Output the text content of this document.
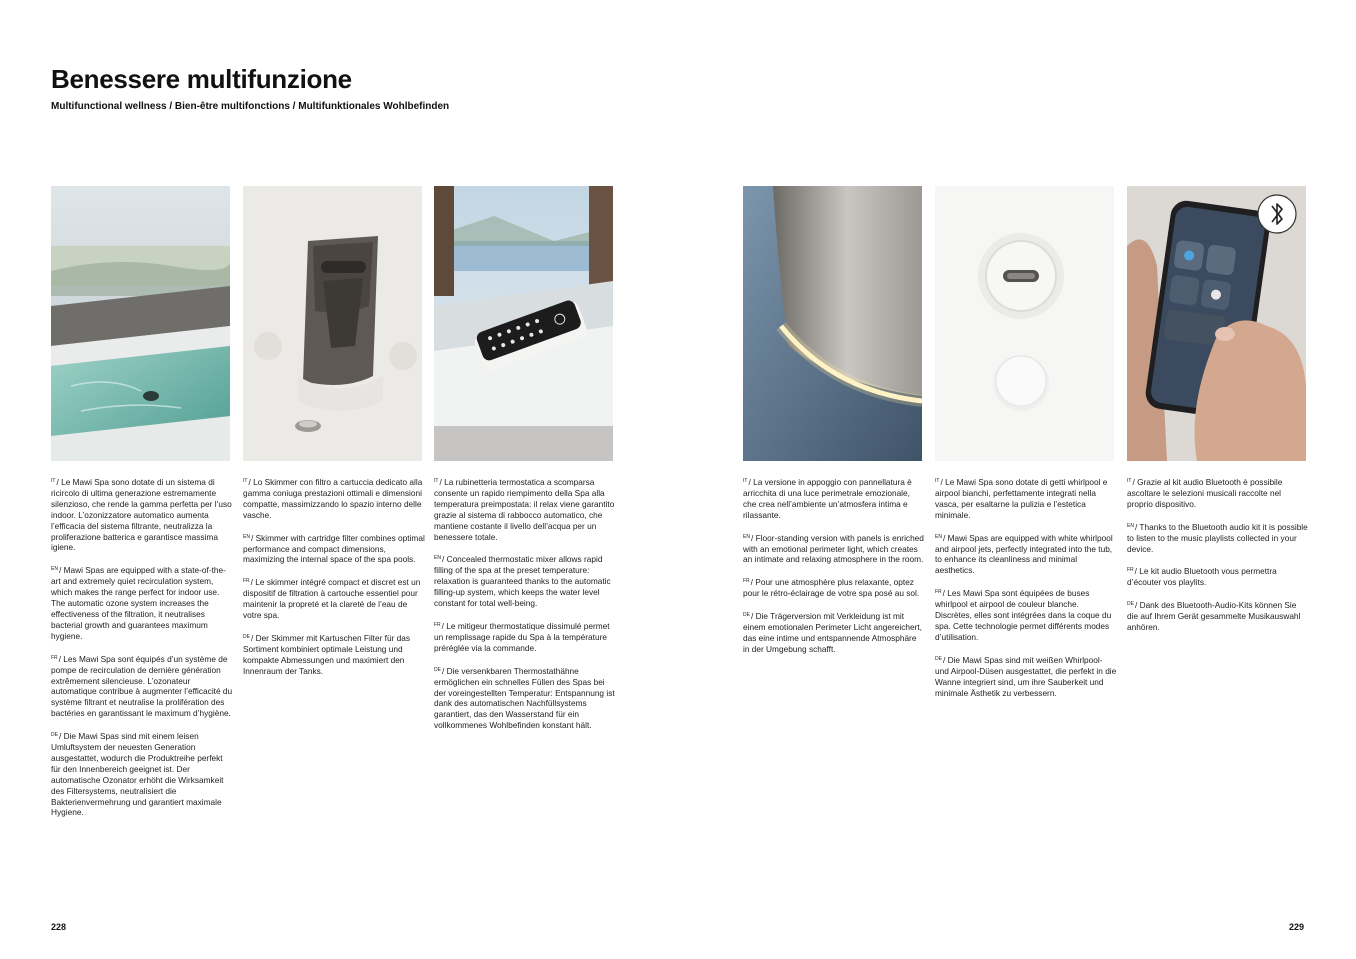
Benessere multifunzione
Multifunctional wellness / Bien-être multifonctions / Multifunktionales Wohlbefinden

$^{IT}$/ Le Mawi Spa sono dotate di un sistema di ricircolo di ultima generazione estremamente silenzioso, che rende la gamma perfetta per l’uso indoor. L’ozonizzatore automatico aumenta l’efficacia del sistema filtrante, neutralizza la proliferazione batterica e garantisce massima igiene.

$^{EN}$/ Mawi Spas are equipped with a state-of-the-art and extremely quiet recirculation system, which makes the range perfect for indoor use. The automatic ozone system increases the effectiveness of the filtration, it neutralises bacterial growth and guarantees maximum hygiene.

$^{FR}$/ Les Mawi Spa sont équipés d’un système de pompe de recirculation de dernière génération extrêmement silencieuse. L’ozonateur automatique contribue à augmenter l’efficacité du système filtrant et neutralise la prolifération des bactéries en garantissant le maximum d’hygiène.

$^{DE}$/ Die Mawi Spas sind mit einem leisen Umluftsystem der neuesten Generation ausgestattet, wodurch die Produktreihe perfekt für den Innenbereich geeignet ist. Der automatische Ozonator erhöht die Wirksamkeit des Filtersystems, neutralisiert die Bakterienvermehrung und garantiert maximale Hygiene.

$^{IT}$/ Lo Skimmer con filtro a cartuccia dedicato alla gamma coniuga prestazioni ottimali e dimensioni compatte, massimizzando lo spazio interno delle vasche.

$^{EN}$/ Skimmer with cartridge filter combines optimal performance and compact dimensions, maximizing the internal space of the spa pools.

$^{FR}$/ Le skimmer intégré compact et discret est un dispositif de filtration à cartouche essentiel pour maintenir la propreté et la clareté de l’eau de votre spa.

$^{DE}$/ Der Skimmer mit Kartuschen Filter für das Sortiment kombiniert optimale Leistung und kompakte Abmessungen und maximiert den Innenraum der Tanks.

$^{IT}$/ La rubinetteria termostatica a scomparsa consente un rapido riempimento della Spa alla temperatura preimpostata: il relax viene garantito grazie al sistema di rabbocco automatico, che mantiene costante il livello dell’acqua per un benessere totale.

$^{EN}$/ Concealed thermostatic mixer allows rapid filling of the spa at the preset temperature: relaxation is guaranteed thanks to the automatic filling-up system, which keeps the water level constant for total well-being.

$^{FR}$/ Le mitigeur thermostatique dissimulé permet un remplissage rapide du Spa à la température préréglée via la commande.

$^{DE}$/ Die versenkbaren Thermostathähne ermöglichen ein schnelles Füllen des Spas bei der voreingestellten Temperatur: Entspannung ist dank des automatischen Nachfüllsystems garantiert, das den Wasserstand für ein vollkommenes Wohlbefinden konstant hält.

$^{IT}$/ La versione in appoggio con pannellatura è arricchita di una luce perimetrale emozionale, che crea nell’ambiente un’atmosfera intima e rilassante.

$^{EN}$/ Floor-standing version with panels is enriched with an emotional perimeter light, which creates an intimate and relaxing atmosphere in the room.

$^{FR}$/ Pour une atmosphère plus relaxante, optez pour le rétro-éclairage de votre spa posé au sol.

$^{DE}$/ Die Trägerversion mit Verkleidung ist mit einem emotionalen Perimeter Licht angereichert, das eine intime und entspannende Atmosphäre in der Umgebung schafft.

$^{IT}$/ Le Mawi Spa sono dotate di getti whirlpool e airpool bianchi, perfettamente integrati nella vasca, per esaltarne la pulizia e l’estetica minimale.

$^{EN}$/ Mawi Spas are equipped with white whirlpool and airpool jets, perfectly integrated into the tub, to enhance its cleanliness and minimal aesthetics.

$^{FR}$/ Les Mawi Spa sont équipées de buses whirlpool et airpool de couleur blanche. Discrètes, elles sont intégrées dans la coque du spa. Cette technologie permet différents modes d’utilisation.

$^{DE}$/ Die Mawi Spas sind mit weißen Whirlpool- und Airpool-Düsen ausgestattet, die perfekt in die Wanne integriert sind, um ihre Sauberkeit und minimale Ästhetik zu verbessern.

$^{IT}$/ Grazie al kit audio Bluetooth è possibile ascoltare le selezioni musicali raccolte nel proprio dispositivo.

$^{EN}$/ Thanks to the Bluetooth audio kit it is possible to listen to the music playlists collected in your device.

$^{FR}$/ Le kit audio Bluetooth vous permettra d’écouter vos playlits.

$^{DE}$/ Dank des Bluetooth-Audio-Kits können Sie die auf Ihrem Gerät gesammelte Musikauswahl anhören.

228	229
